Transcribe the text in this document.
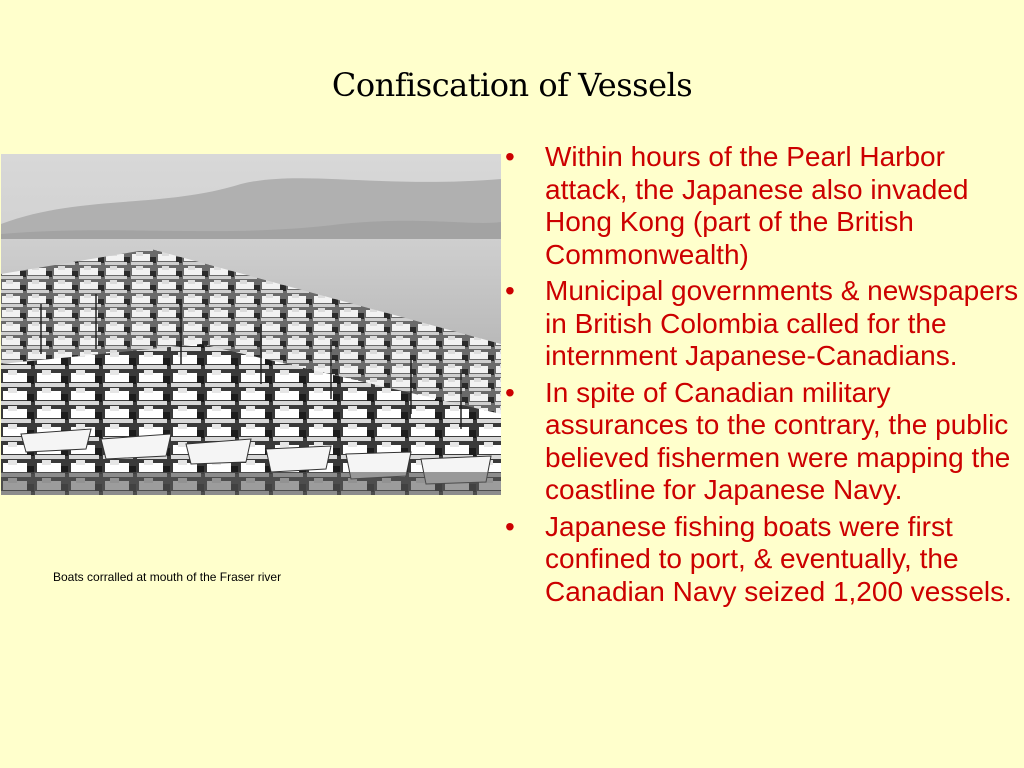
Confiscation of Vessels
Boats corralled at mouth of the Fraser river
• Within hours of the Pearl Harbor attack, the Japanese also invaded Hong Kong (part of the British Commonwealth)
• Municipal governments & newspapers in British Colombia called for the internment Japanese-Canadians.
• In spite of Canadian military assurances to the contrary, the public believed fishermen were mapping the coastline for Japanese Navy.
• Japanese fishing boats were first confined to port, & eventually, the Canadian Navy seized 1,200 vessels.
